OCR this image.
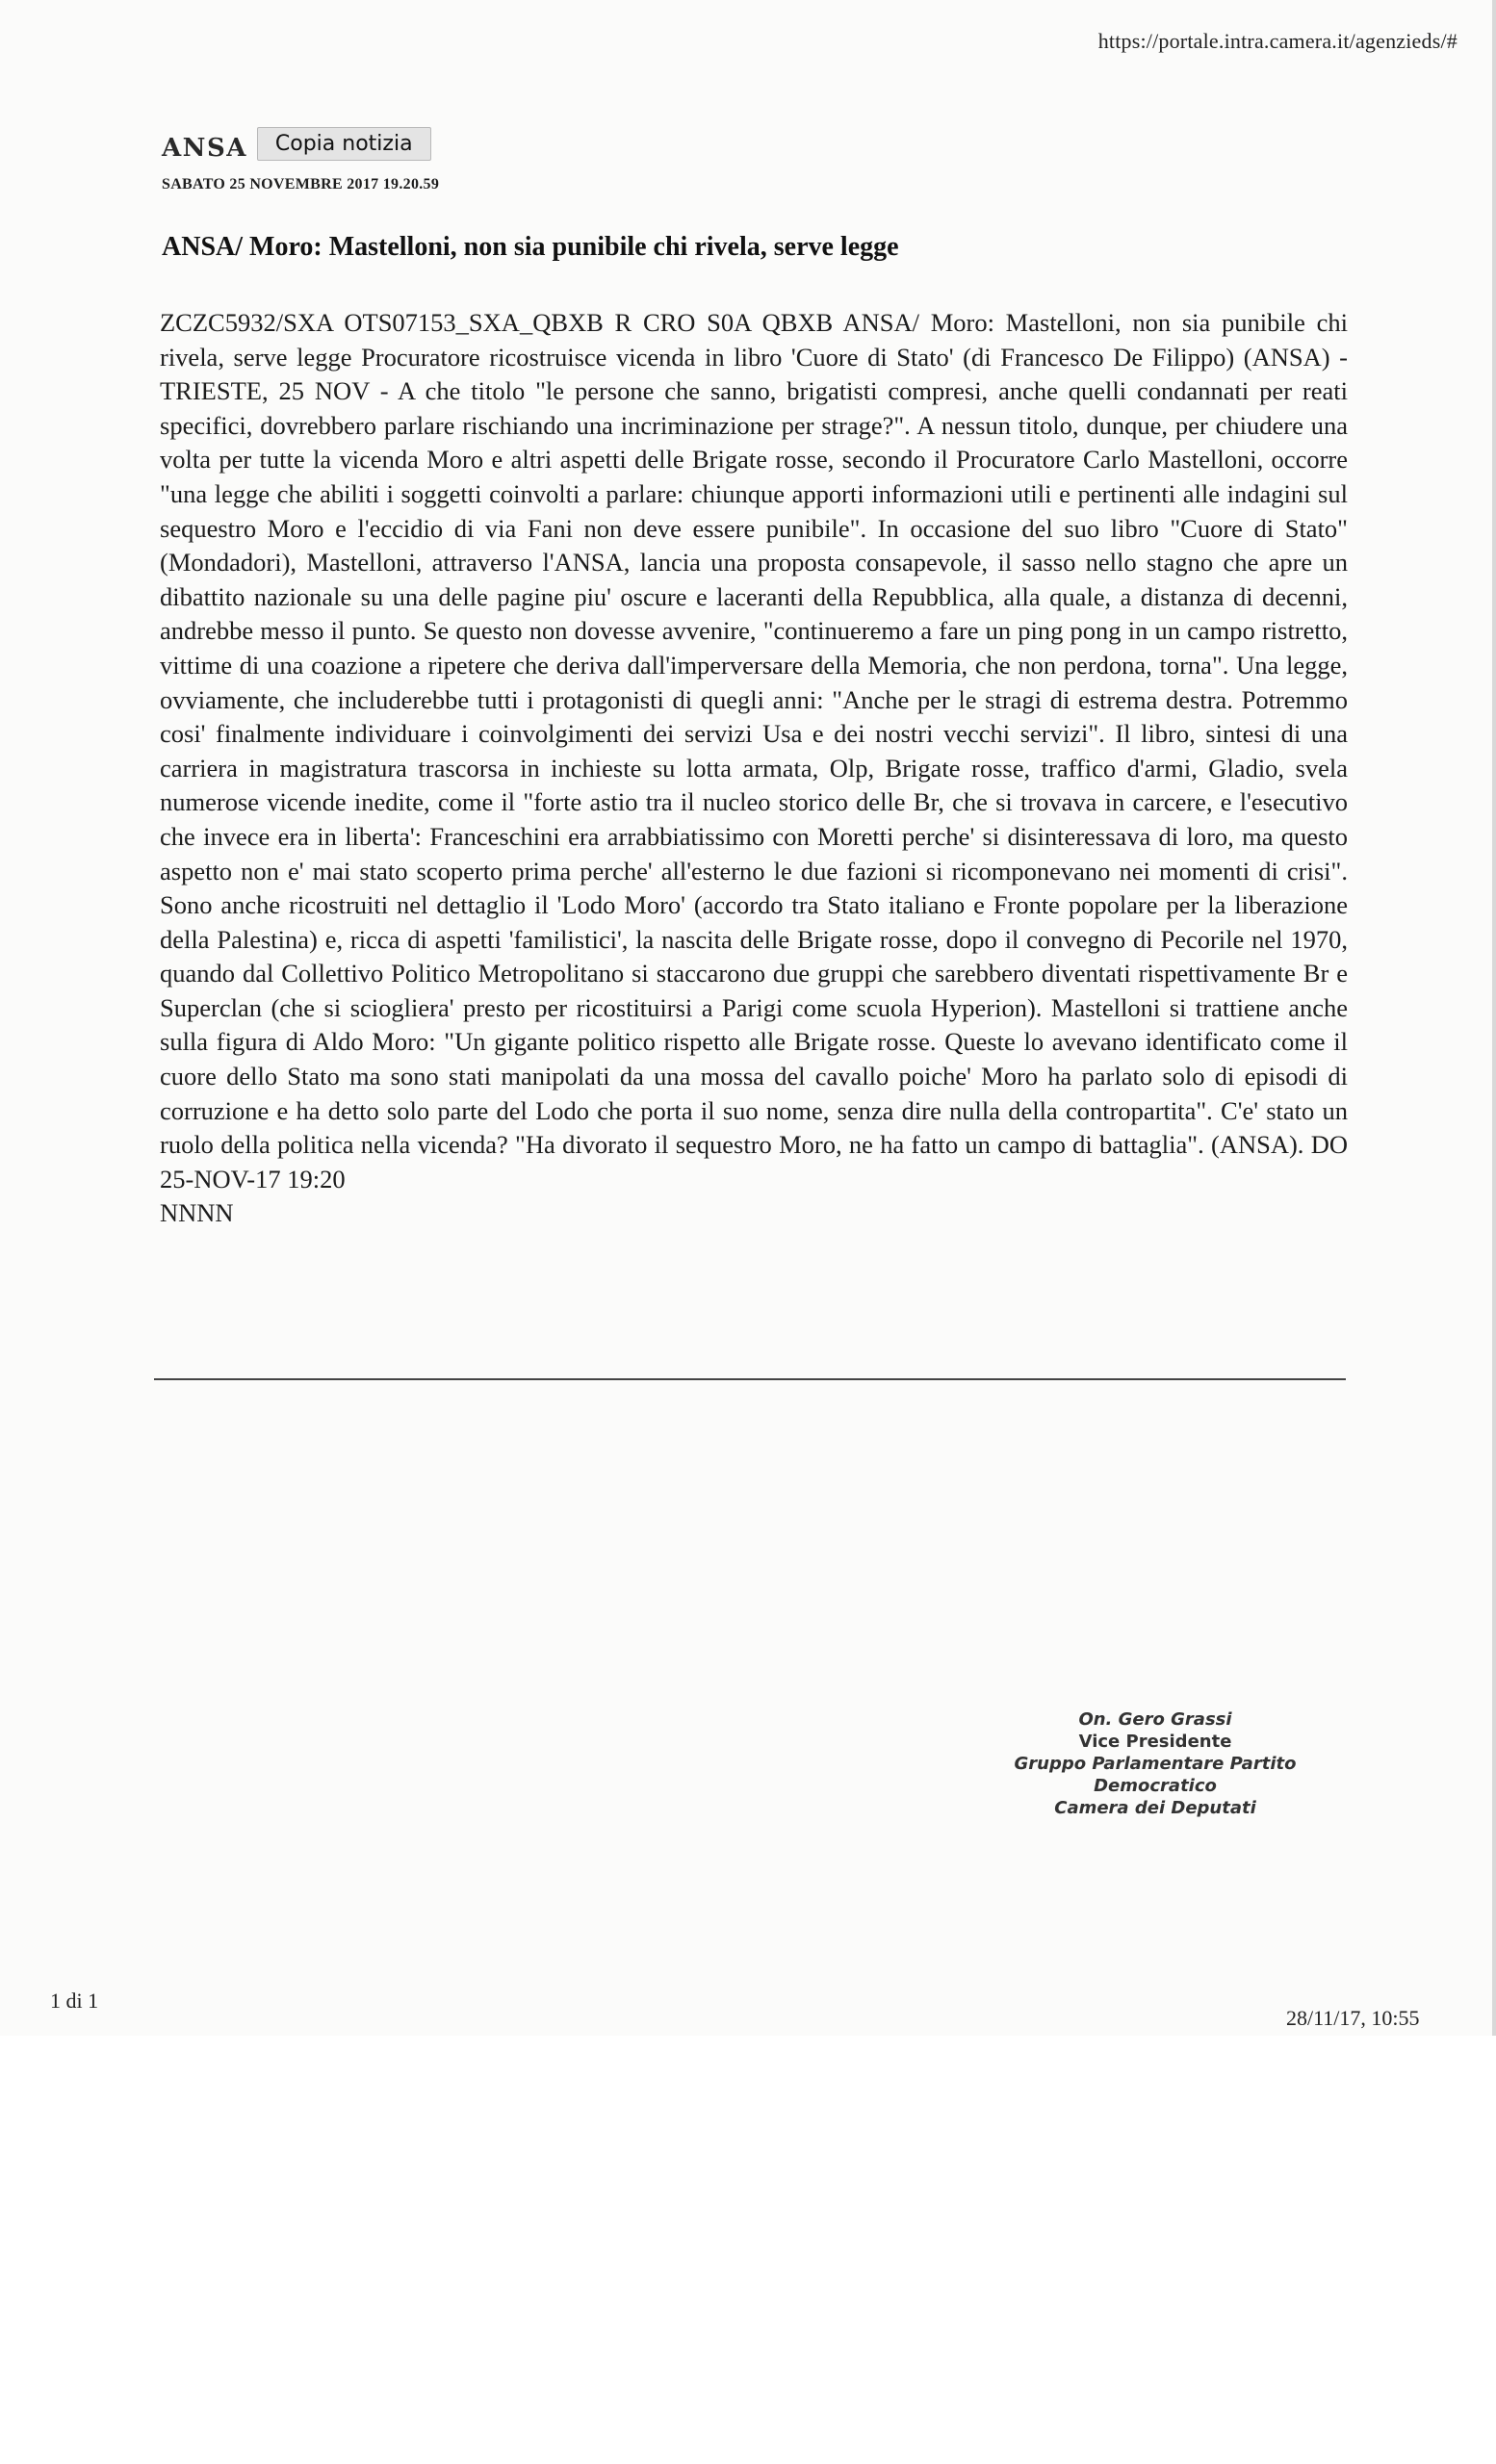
https://portale.intra.camera.it/agenzieds/#
ANSA	Copia notizia
SABATO 25 NOVEMBRE 2017 19.20.59
ANSA/ Moro: Mastelloni, non sia punibile chi rivela, serve legge
ZCZC5932/SXA OTS07153_SXA_QBXB R CRO S0A QBXB ANSA/ Moro: Mastelloni, non sia punibile chi rivela, serve legge Procuratore ricostruisce vicenda in libro 'Cuore di Stato' (di Francesco De Filippo) (ANSA) - TRIESTE, 25 NOV - A che titolo "le persone che sanno, brigatisti compresi, anche quelli condannati per reati specifici, dovrebbero parlare rischiando una incriminazione per strage?". A nessun titolo, dunque, per chiudere una volta per tutte la vicenda Moro e altri aspetti delle Brigate rosse, secondo il Procuratore Carlo Mastelloni, occorre "una legge che abiliti i soggetti coinvolti a parlare: chiunque apporti informazioni utili e pertinenti alle indagini sul sequestro Moro e l'eccidio di via Fani non deve essere punibile". In occasione del suo libro "Cuore di Stato" (Mondadori), Mastelloni, attraverso l'ANSA, lancia una proposta consapevole, il sasso nello stagno che apre un dibattito nazionale su una delle pagine piu' oscure e laceranti della Repubblica, alla quale, a distanza di decenni, andrebbe messo il punto. Se questo non dovesse avvenire, "continueremo a fare un ping pong in un campo ristretto, vittime di una coazione a ripetere che deriva dall'imperversare della Memoria, che non perdona, torna". Una legge, ovviamente, che includerebbe tutti i protagonisti di quegli anni: "Anche per le stragi di estrema destra. Potremmo cosi' finalmente individuare i coinvolgimenti dei servizi Usa e dei nostri vecchi servizi". Il libro, sintesi di una carriera in magistratura trascorsa in inchieste su lotta armata, Olp, Brigate rosse, traffico d'armi, Gladio, svela numerose vicende inedite, come il "forte astio tra il nucleo storico delle Br, che si trovava in carcere, e l'esecutivo che invece era in liberta': Franceschini era arrabbiatissimo con Moretti perche' si disinteressava di loro, ma questo aspetto non e' mai stato scoperto prima perche' all'esterno le due fazioni si ricomponevano nei momenti di crisi". Sono anche ricostruiti nel dettaglio il 'Lodo Moro' (accordo tra Stato italiano e Fronte popolare per la liberazione della Palestina) e, ricca di aspetti 'familistici', la nascita delle Brigate rosse, dopo il convegno di Pecorile nel 1970, quando dal Collettivo Politico Metropolitano si staccarono due gruppi che sarebbero diventati rispettivamente Br e Superclan (che si sciogliera' presto per ricostituirsi a Parigi come scuola Hyperion). Mastelloni si trattiene anche sulla figura di Aldo Moro: "Un gigante politico rispetto alle Brigate rosse. Queste lo avevano identificato come il cuore dello Stato ma sono stati manipolati da una mossa del cavallo poiche' Moro ha parlato solo di episodi di corruzione e ha detto solo parte del Lodo che porta il suo nome, senza dire nulla della contropartita". C'e' stato un ruolo della politica nella vicenda? "Ha divorato il sequestro Moro, ne ha fatto un campo di battaglia". (ANSA). DO 25-NOV-17 19:20
NNNN
On. Gero Grassi
Vice Presidente
Gruppo Parlamentare Partito Democratico
Camera dei Deputati
1 di 1
28/11/17, 10:55
